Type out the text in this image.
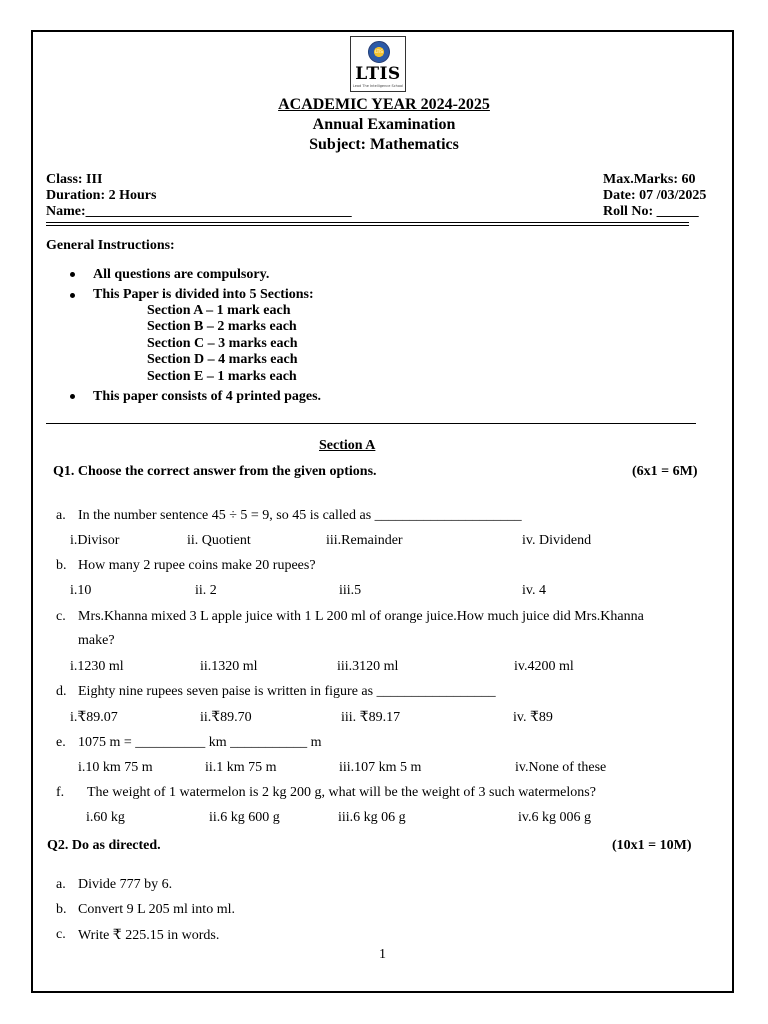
LTIS
LTIS
Lead The Intelligence School
ACADEMIC YEAR 2024-2025
Annual Examination
Subject: Mathematics
Class: III
Duration: 2 Hours
Name:______________________________________
Max.Marks: 60
Date: 07 /03/2025
Roll No: ______
General Instructions:
All questions are compulsory.
This Paper is divided into 5 Sections:
Section A – 1 mark each
Section B – 2 marks each
Section C – 3 marks each
Section D – 4 marks each
Section E – 1 marks each
This paper consists of 4 printed pages.
Section A
Q1. Choose the correct answer from the given options.	(6x1 = 6M)
a. In the number sentence 45 ÷ 5 = 9, so 45 is called as _____________________
i.Divisor	ii. Quotient	iii.Remainder	iv. Dividend
b. How many 2 rupee coins make 20 rupees?
i.10	ii. 2	iii.5	iv. 4
c. Mrs.Khanna mixed 3 L apple juice with 1 L 200 ml of orange juice.How much juice did Mrs.Khanna
make?
i.1230 ml	ii.1320 ml	iii.3120 ml	iv.4200 ml
d. Eighty nine rupees seven paise is written in figure as _________________
i.₹89.07	ii.₹89.70	iii. ₹89.17	iv. ₹89
e. 1075 m = __________ km ___________ m
i.10 km 75 m	ii.1 km 75 m	iii.107 km 5 m	iv.None of these
f. The weight of 1 watermelon is 2 kg 200 g, what will be the weight of 3 such watermelons?
i.60 kg	ii.6 kg 600 g	iii.6 kg 06 g	iv.6 kg 006 g
Q2. Do as directed.	(10x1 = 10M)
a. Divide 777 by 6.
b. Convert 9 L 205 ml into ml.
c. Write ₹ 225.15 in words.
1
